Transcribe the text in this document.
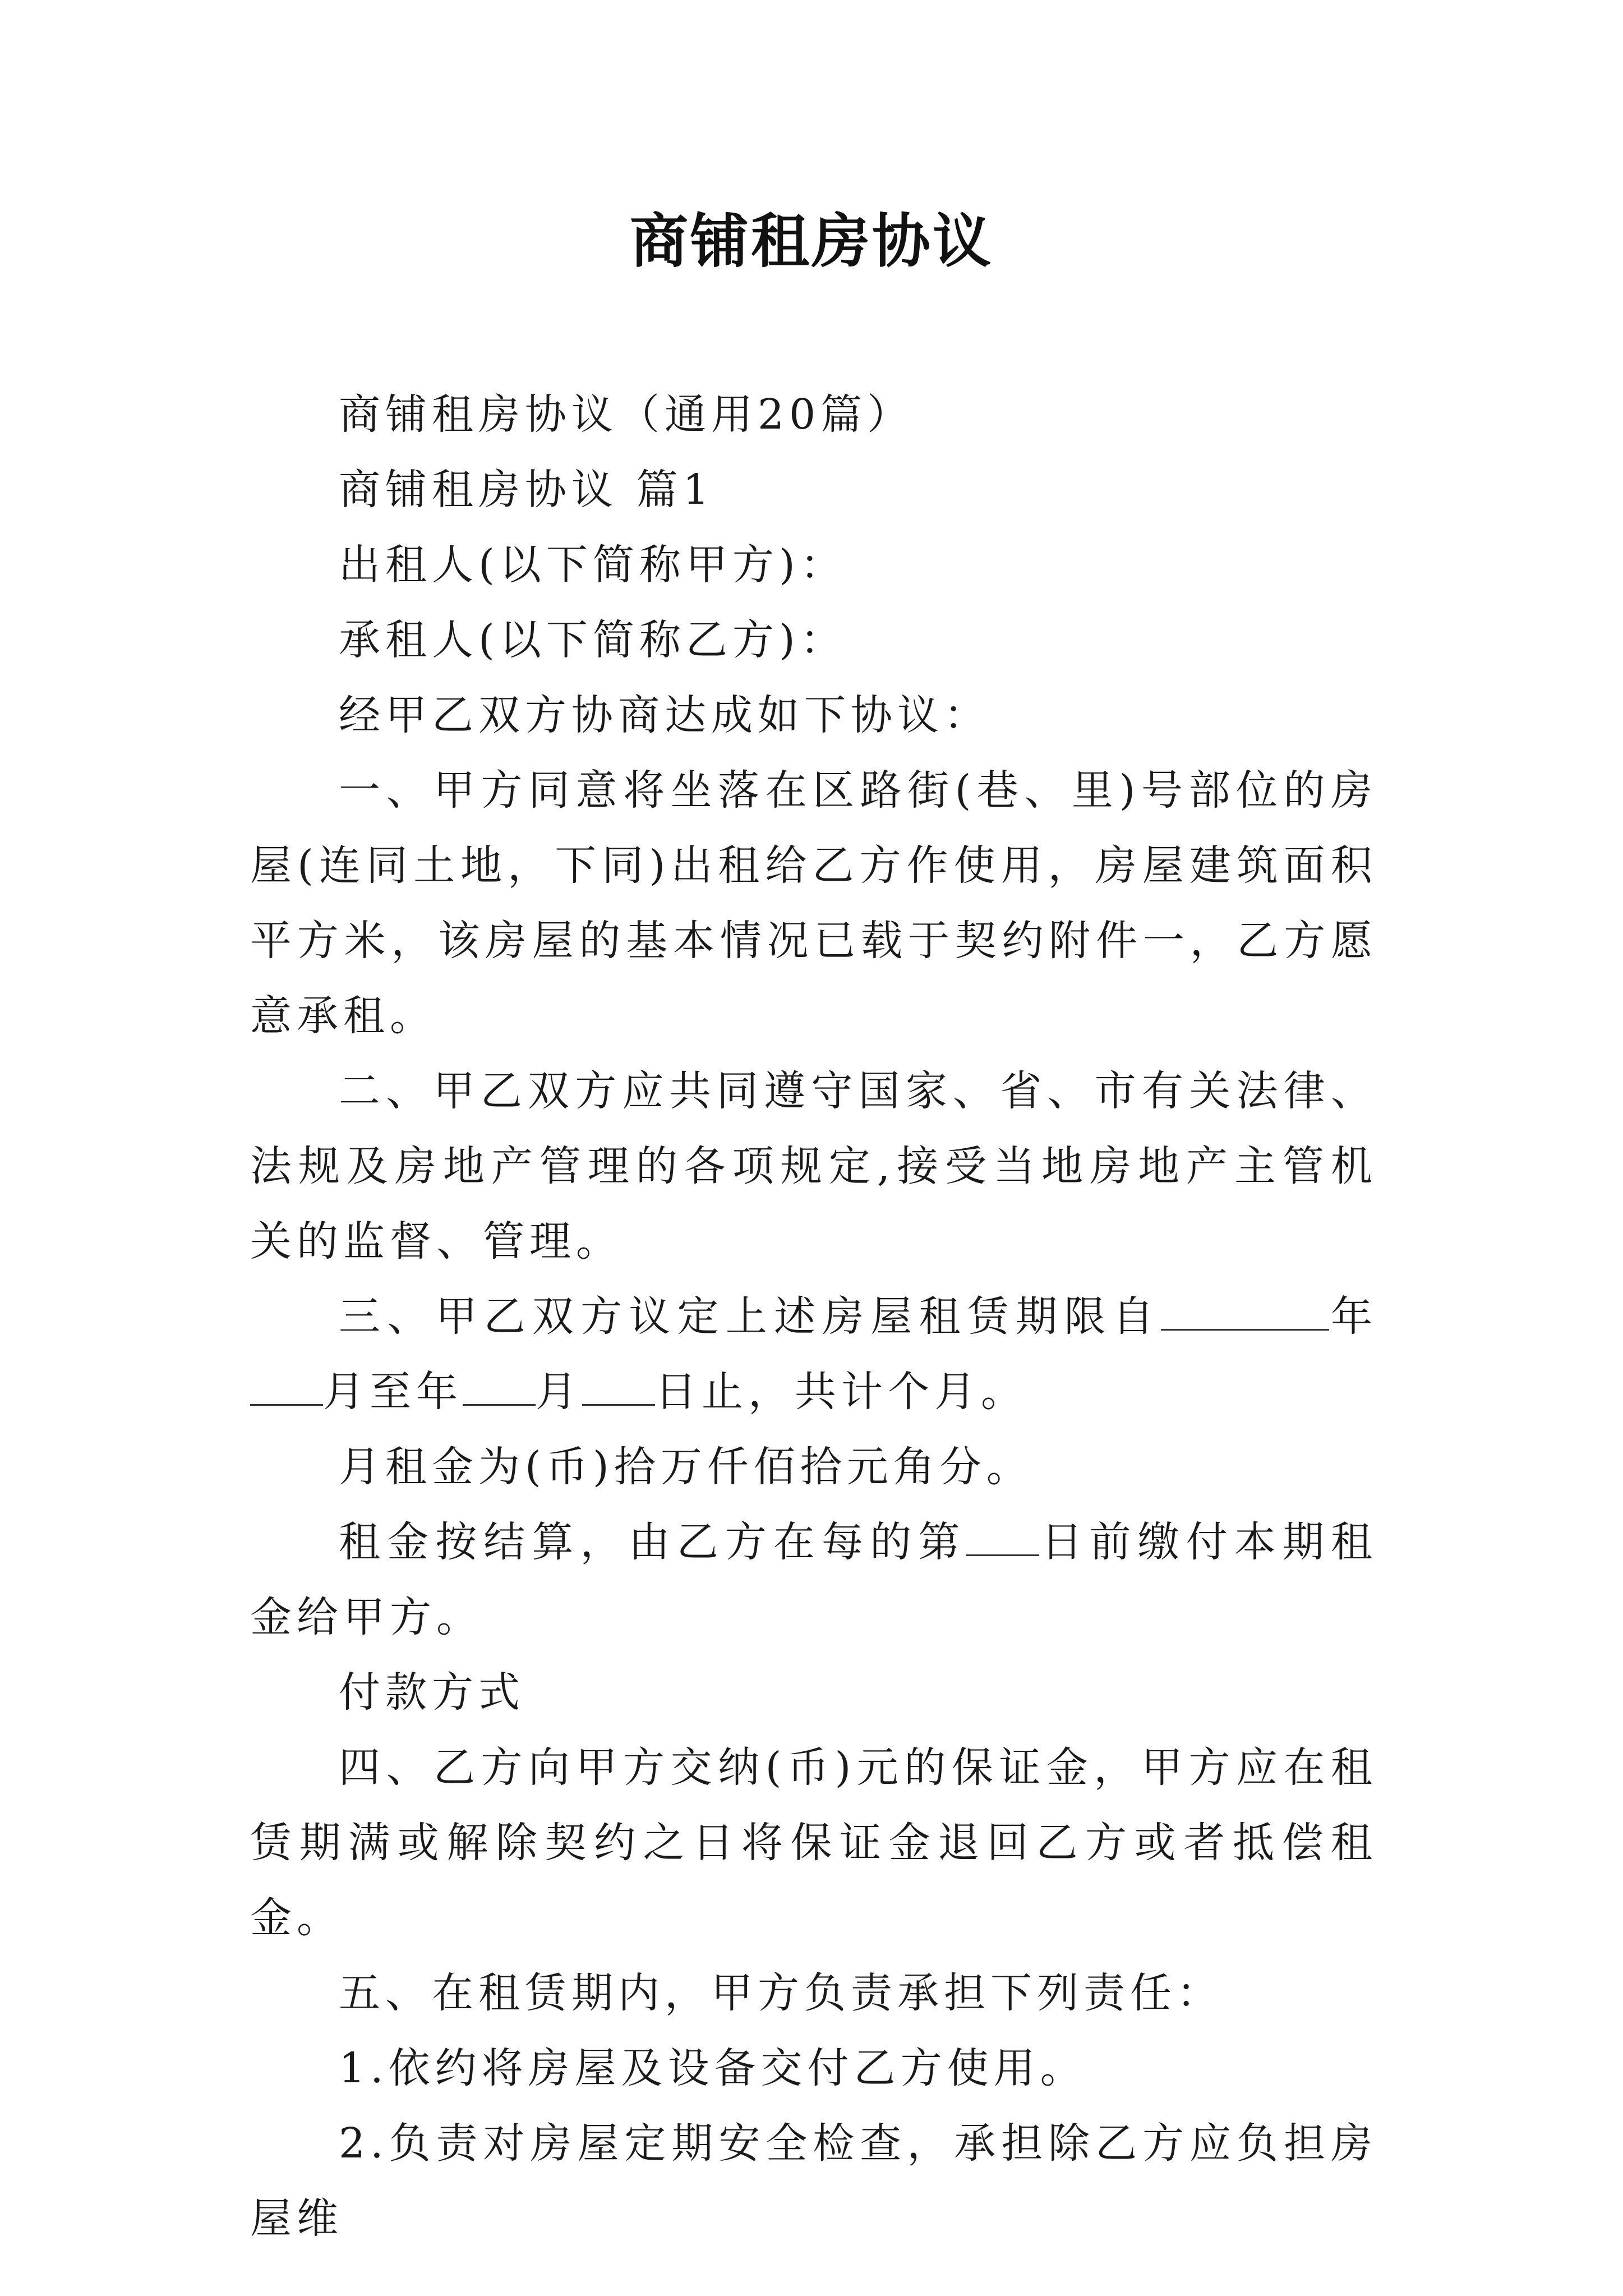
商铺租房协议

商铺租房协议（通用20篇）

商铺租房协议 篇1

出租人(以下简称甲方)：

承租人(以下简称乙方)：

经甲乙双方协商达成如下协议：

一、甲方同意将坐落在区路街(巷、里)号部位的房屋(连同土地，下同)出租给乙方作使用，房屋建筑面积平方米，该房屋的基本情况已载于契约附件一，乙方愿意承租。

二、甲乙双方应共同遵守国家、省、市有关法律、法规及房地产管理的各项规定,接受当地房地产主管机关的监督、管理。

三、甲乙双方议定上述房屋租赁期限自	年月至年 月 日止，共计个月。

月租金为(币)拾万仟佰拾元角分。

租金按结算，由乙方在每的第 日前缴付本期租金给甲方。

付款方式

四、乙方向甲方交纳(币)元的保证金，甲方应在租赁期满或解除契约之日将保证金退回乙方或者抵偿租金。

五、在租赁期内，甲方负责承担下列责任：

1.依约将房屋及设备交付乙方使用。

2.负责对房屋定期安全检查，承担除乙方应负担房屋维
